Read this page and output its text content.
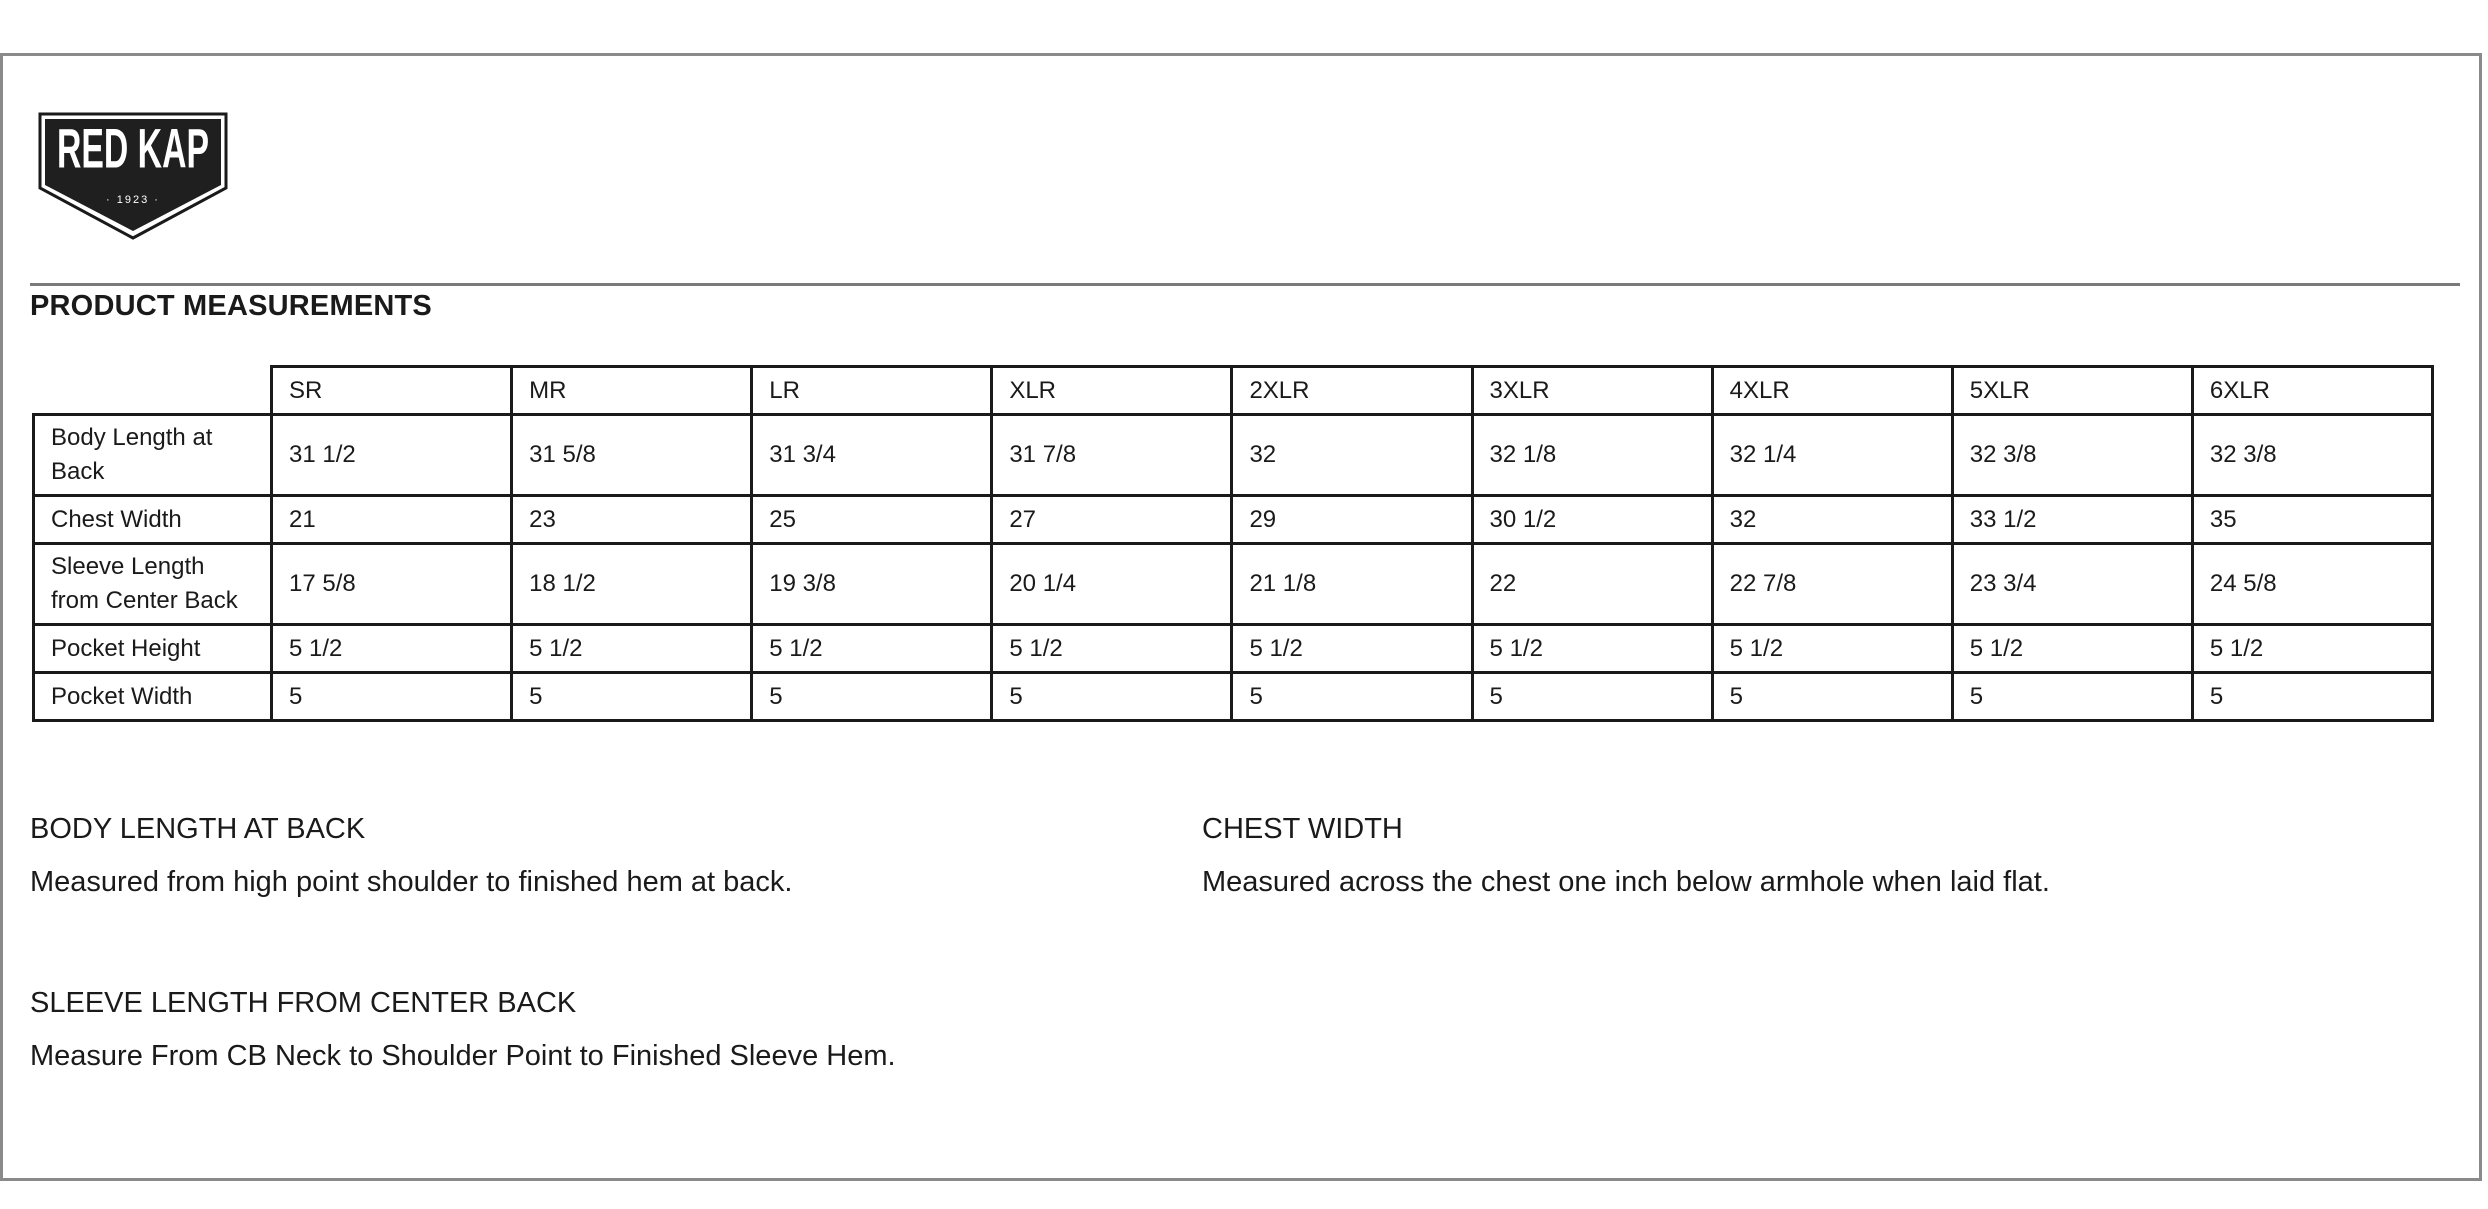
RED KAP
· 1923 ·
PRODUCT MEASUREMENTS
	SR	MR	LR	XLR	2XLR	3XLR	4XLR	5XLR	6XLR
Body Length at Back	31 1/2	31 5/8	31 3/4	31 7/8	32	32 1/8	32 1/4	32 3/8	32 3/8
Chest Width	21	23	25	27	29	30 1/2	32	33 1/2	35
Sleeve Length from Center Back	17 5/8	18 1/2	19 3/8	20 1/4	21 1/8	22	22 7/8	23 3/4	24 5/8
Pocket Height	5 1/2	5 1/2	5 1/2	5 1/2	5 1/2	5 1/2	5 1/2	5 1/2	5 1/2
Pocket Width	5	5	5	5	5	5	5	5	5
BODY LENGTH AT BACK
Measured from high point shoulder to finished hem at back.
CHEST WIDTH
Measured across the chest one inch below armhole when laid flat.
SLEEVE LENGTH FROM CENTER BACK
Measure From CB Neck to Shoulder Point to Finished Sleeve Hem.
